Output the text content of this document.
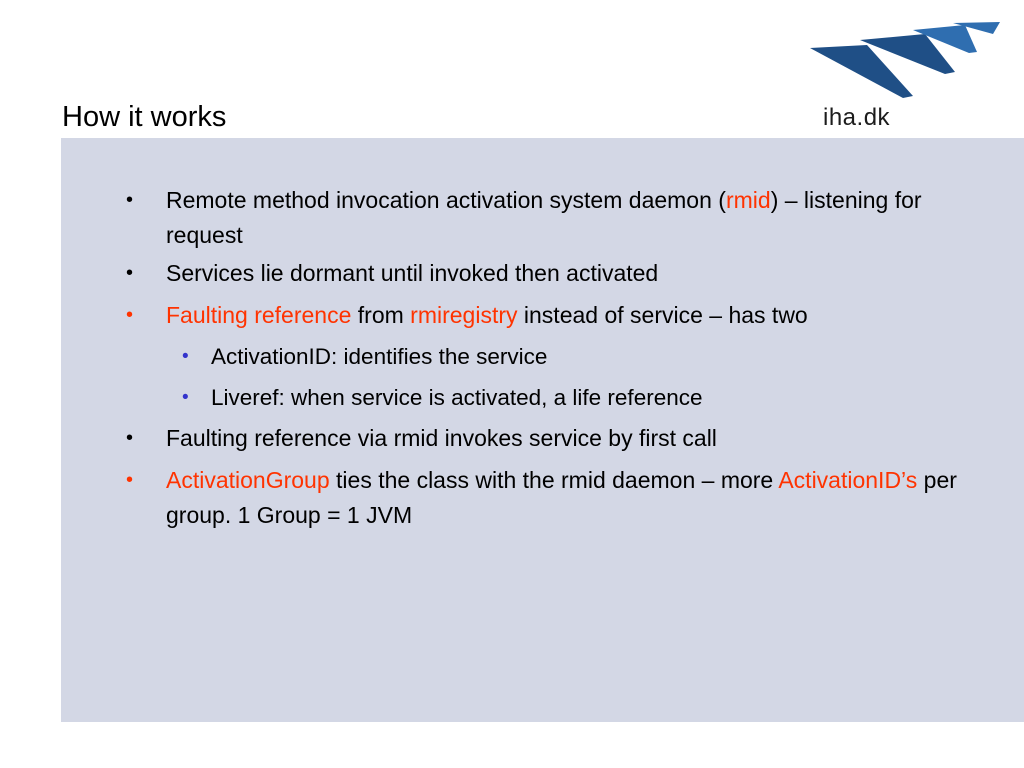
How it works	iha.dk
• Remote method invocation activation system daemon (rmid) – listening for request
• Services lie dormant until invoked then activated
• Faulting reference from rmiregistry instead of service – has two
• ActivationID: identifies the service
• Liveref: when service is activated, a life reference
• Faulting reference via rmid invokes service by first call
• ActivationGroup ties the class with the rmid daemon – more ActivationID’s per group. 1 Group = 1 JVM
